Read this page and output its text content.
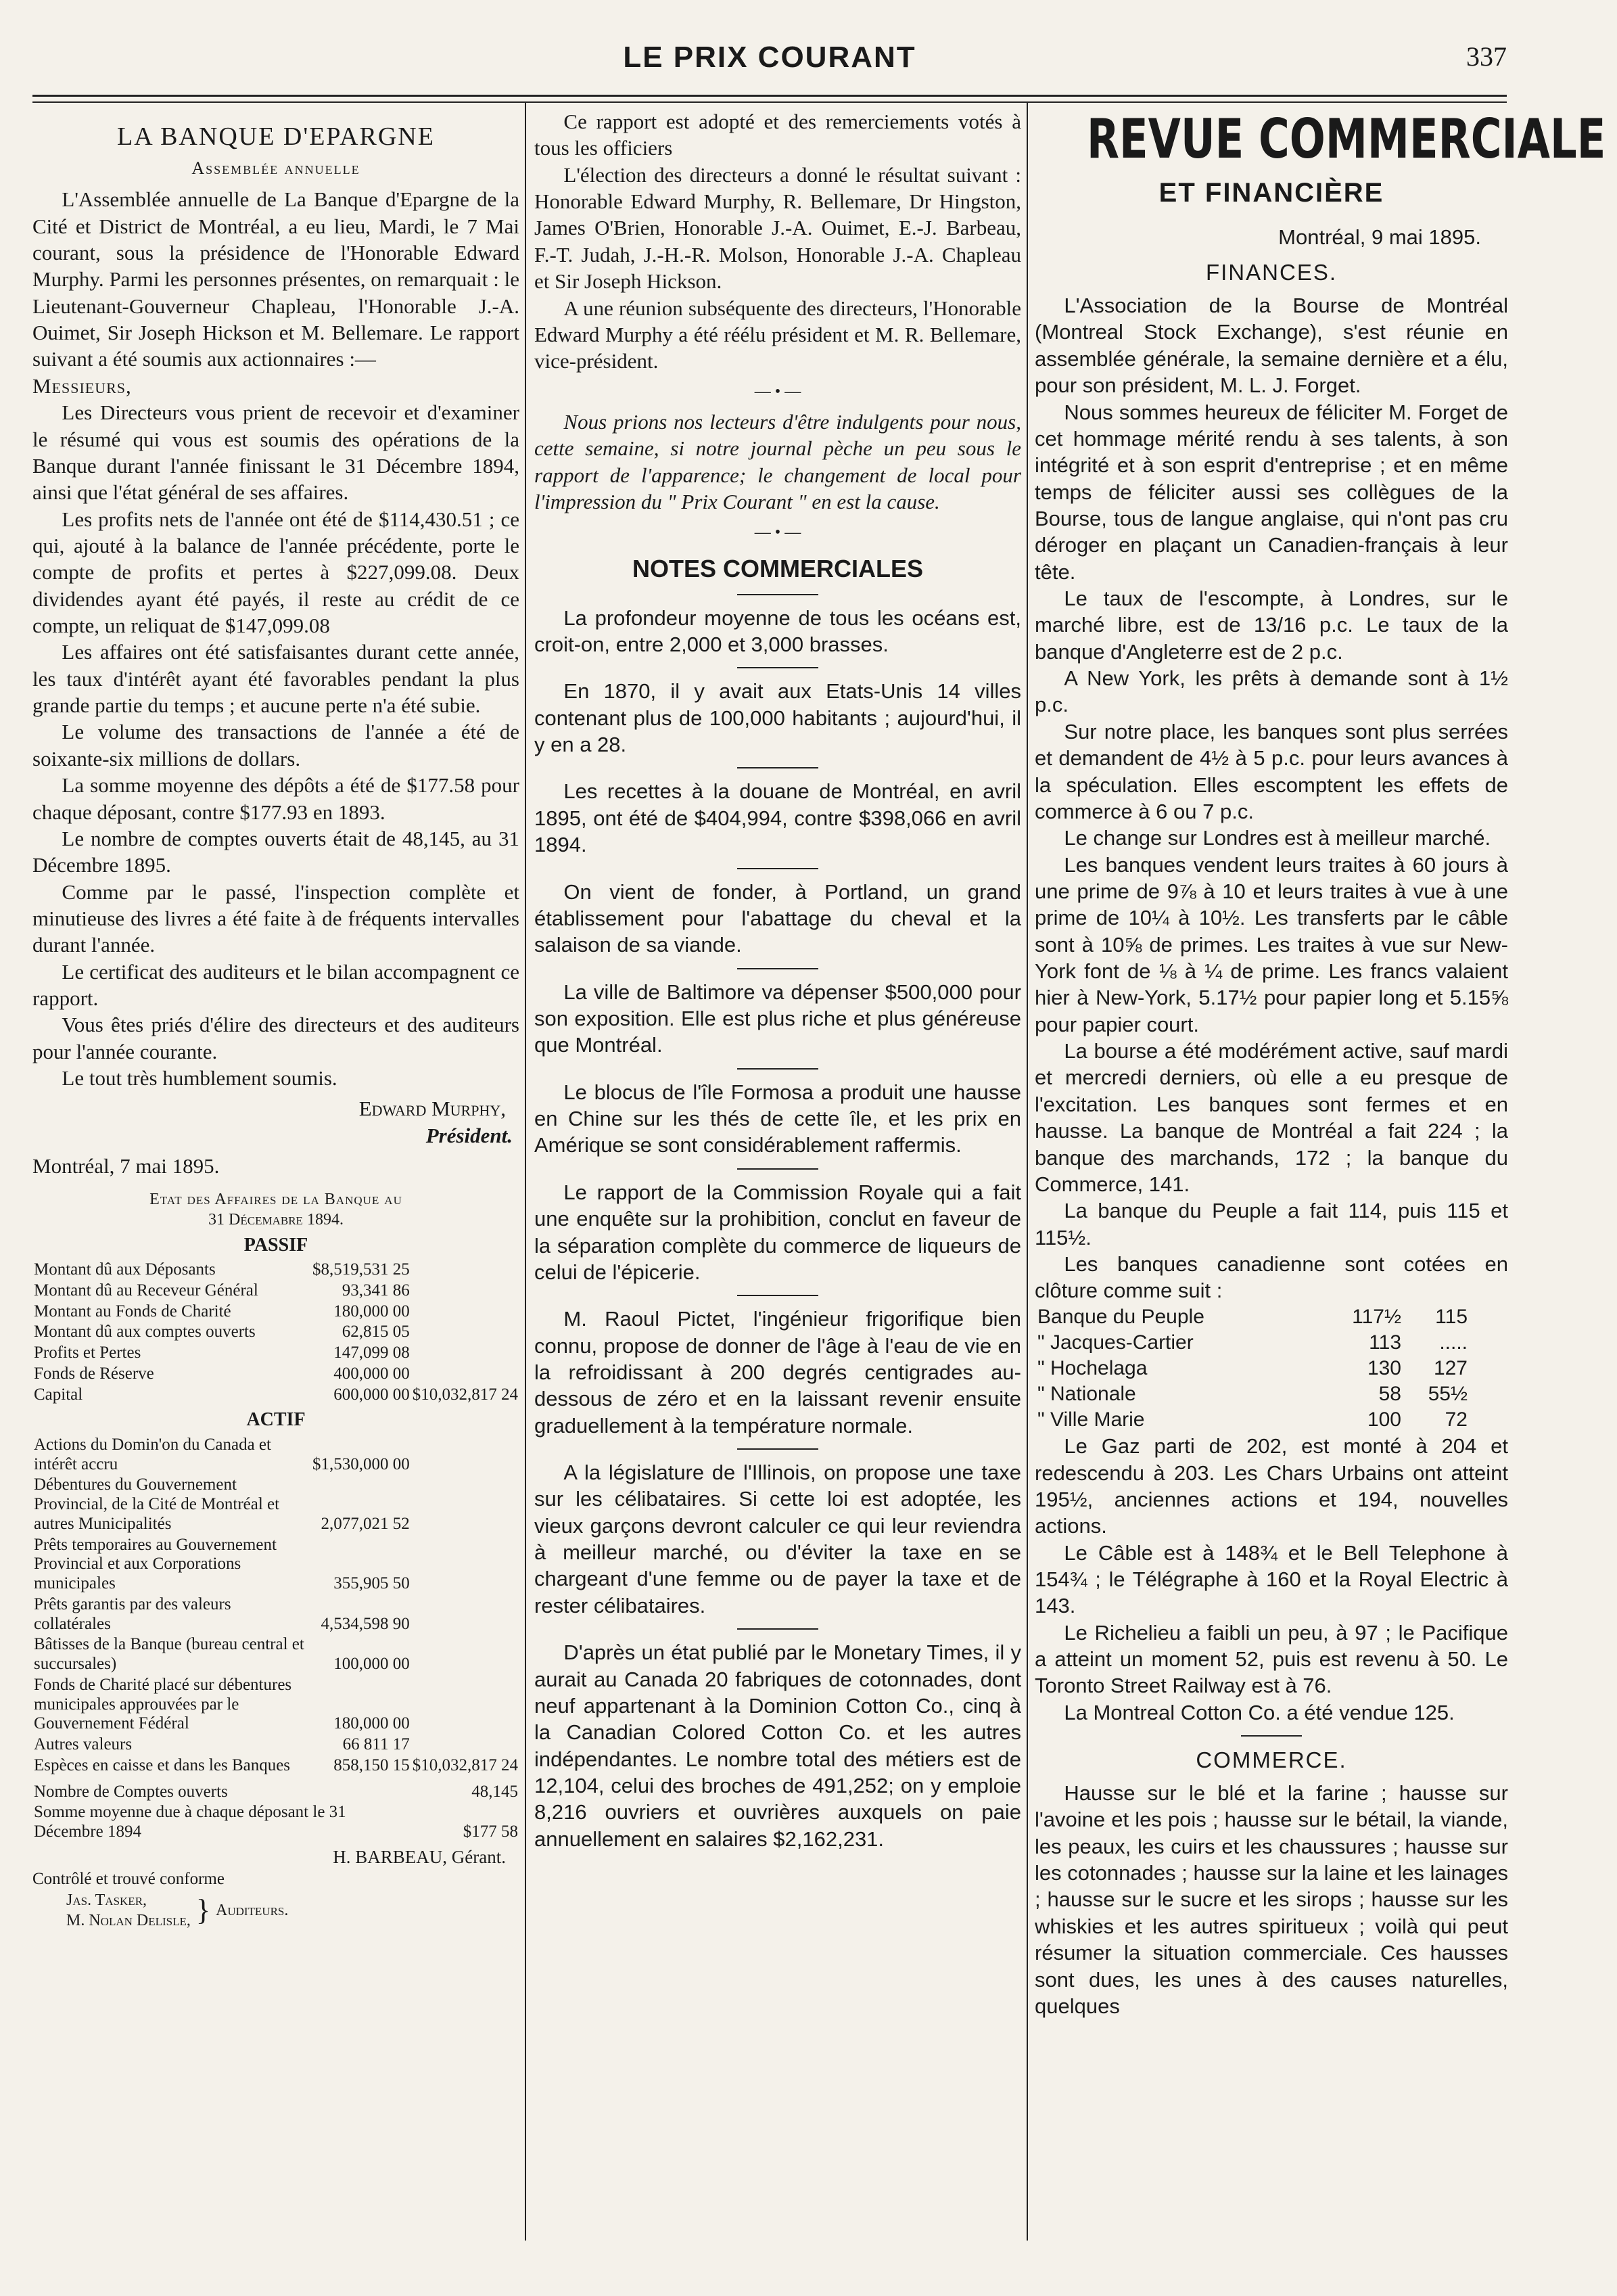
LE PRIX COURANT	337
LA BANQUE D'EPARGNE
Assemblée annuelle

L'Assemblée annuelle de La Banque d'Epargne de la Cité et District de Montréal, a eu lieu, Mardi, le 7 Mai courant, sous la présidence de l'Honorable Edward Murphy. Parmi les personnes présentes, on remarquait : le Lieutenant-Gouverneur Chapleau, l'Honorable J.-A. Ouimet, Sir Joseph Hickson et M. Bellemare. Le rapport suivant a été soumis aux actionnaires :—

Messieurs,

Les Directeurs vous prient de recevoir et d'examiner le résumé qui vous est soumis des opérations de la Banque durant l'année finissant le 31 Décembre 1894, ainsi que l'état général de ses affaires.

Les profits nets de l'année ont été de $114,430.51 ; ce qui, ajouté à la balance de l'année précédente, porte le compte de profits et pertes à $227,099.08. Deux dividendes ayant été payés, il reste au crédit de ce compte, un reliquat de $147,099.08

Les affaires ont été satisfaisantes durant cette année, les taux d'intérêt ayant été favorables pendant la plus grande partie du temps ; et aucune perte n'a été subie.

Le volume des transactions de l'année a été de soixante-six millions de dollars.

La somme moyenne des dépôts a été de $177.58 pour chaque déposant, contre $177.93 en 1893.

Le nombre de comptes ouverts était de 48,145, au 31 Décembre 1895.

Comme par le passé, l'inspection complète et minutieuse des livres a été faite à de fréquents intervalles durant l'année.

Le certificat des auditeurs et le bilan accompagnent ce rapport.

Vous êtes priés d'élire des directeurs et des auditeurs pour l'année courante.

Le tout très humblement soumis.

Edward Murphy,
Président.
Montréal, 7 mai 1895.
Etat des Affaires de la Banque au
31 Décemabre 1894.
PASSIF
Montant dû aux Déposants	$8,519,531 25	
Montant dû au Receveur Général	93,341 86	
Montant au Fonds de Charité	180,000 00	
Montant dû aux comptes ouverts	62,815 05	
Profits et Pertes	147,099 08	
Fonds de Réserve	400,000 00	
Capital	600,000 00	$10,032,817 24
ACTIF
Actions du Domin'on du Canada et intérêt accru	$1,530,000 00	
Débentures du Gouvernement Provincial, de la Cité de Montréal et autres Municipalités	2,077,021 52	
Prêts temporaires au Gouvernement Provincial et aux Corporations municipales	355,905 50	
Prêts garantis par des valeurs collatérales	4,534,598 90	
Bâtisses de la Banque (bureau central et succursales)	100,000 00	
Fonds de Charité placé sur débentures municipales approuvées par le Gouvernement Fédéral	180,000 00	
Autres valeurs	66 811 17	
Espèces en caisse et dans les Banques	858,150 15	$10,032,817 24
Nombre de Comptes ouverts	48,145
Somme moyenne due à chaque déposant le 31 Décembre 1894	$177 58
H. BARBEAU, Gérant.
Contrôlé et trouvé conforme
Jas. Tasker,
M. Nolan Delisle, } Auditeurs.

Ce rapport est adopté et des remerciements votés à tous les officiers

L'élection des directeurs a donné le résultat suivant : Honorable Edward Murphy, R. Bellemare, Dr Hingston, James O'Brien, Honorable J.-A. Ouimet, E.-J. Barbeau, F.-T. Judah, J.-H.-R. Molson, Honorable J.-A. Chapleau et Sir Joseph Hickson.

A une réunion subséquente des directeurs, l'Honorable Edward Murphy a été réélu président et M. R. Bellemare, vice-président.

— • —

Nous prions nos lecteurs d'être indulgents pour nous, cette semaine, si notre journal pèche un peu sous le rapport de l'apparence; le changement de local pour l'impression du " Prix Courant " en est la cause.

— • —
NOTES COMMERCIALES

La profondeur moyenne de tous les océans est, croit-on, entre 2,000 et 3,000 brasses.

En 1870, il y avait aux Etats-Unis 14 villes contenant plus de 100,000 habitants ; aujourd'hui, il y en a 28.

Les recettes à la douane de Montréal, en avril 1895, ont été de $404,994, contre $398,066 en avril 1894.

On vient de fonder, à Portland, un grand établissement pour l'abattage du cheval et la salaison de sa viande.

La ville de Baltimore va dépenser $500,000 pour son exposition. Elle est plus riche et plus généreuse que Montréal.

Le blocus de l'île Formosa a produit une hausse en Chine sur les thés de cette île, et les prix en Amérique se sont considérablement raffermis.

Le rapport de la Commission Royale qui a fait une enquête sur la prohibition, conclut en faveur de la séparation complète du commerce de liqueurs de celui de l'épicerie.

M. Raoul Pictet, l'ingénieur frigorifique bien connu, propose de donner de l'âge à l'eau de vie en la refroidissant à 200 degrés centigrades au-dessous de zéro et en la laissant revenir ensuite graduellement à la température normale.

A la législature de l'Illinois, on propose une taxe sur les célibataires. Si cette loi est adoptée, les vieux garçons devront calculer ce qui leur reviendra à meilleur marché, ou d'éviter la taxe en se chargeant d'une femme ou de payer la taxe et de rester célibataires.

D'après un état publié par le Monetary Times, il y aurait au Canada 20 fabriques de cotonnades, dont neuf appartenant à la Dominion Cotton Co., cinq à la Canadian Colored Cotton Co. et les autres indépendantes. Le nombre total des métiers est de 12,104, celui des broches de 491,252; on y emploie 8,216 ouvriers et ouvrières auxquels on paie annuellement en salaires $2,162,231.

REVUE COMMERCIALE
ET FINANCIÈRE
Montréal, 9 mai 1895.
FINANCES.

L'Association de la Bourse de Montréal (Montreal Stock Exchange), s'est réunie en assemblée générale, la semaine dernière et a élu, pour son président, M. L. J. Forget.

Nous sommes heureux de féliciter M. Forget de cet hommage mérité rendu à ses talents, à son intégrité et à son esprit d'entreprise ; et en même temps de féliciter aussi ses collègues de la Bourse, tous de langue anglaise, qui n'ont pas cru déroger en plaçant un Canadien-français à leur tête.

Le taux de l'escompte, à Londres, sur le marché libre, est de 13/16 p.c. Le taux de la banque d'Angleterre est de 2 p.c.

A New York, les prêts à demande sont à 1½ p.c.

Sur notre place, les banques sont plus serrées et demandent de 4½ à 5 p.c. pour leurs avances à la spéculation. Elles escomptent les effets de commerce à 6 ou 7 p.c.

Le change sur Londres est à meilleur marché.

Les banques vendent leurs traites à 60 jours à une prime de 9⅞ à 10 et leurs traites à vue à une prime de 10¼ à 10½. Les transferts par le câble sont à 10⅝ de primes. Les traites à vue sur New-York font de ⅛ à ¼ de prime. Les francs valaient hier à New-York, 5.17½ pour papier long et 5.15⅝ pour papier court.

La bourse a été modérément active, sauf mardi et mercredi derniers, où elle a eu presque de l'excitation. Les banques sont fermes et en hausse. La banque de Montréal a fait 224 ; la banque des marchands, 172 ; la banque du Commerce, 141.

La banque du Peuple a fait 114, puis 115 et 115½.

Les banques canadienne sont cotées en clôture comme suit :

Banque du Peuple	117½	115
" Jacques-Cartier	113	.....
" Hochelaga	130	127
" Nationale	58	55½
" Ville Marie	100	72

Le Gaz parti de 202, est monté à 204 et redescendu à 203. Les Chars Urbains ont atteint 195½, anciennes actions et 194, nouvelles actions.

Le Câble est à 148¾ et le Bell Telephone à 154¾ ; le Télégraphe à 160 et la Royal Electric à 143.

Le Richelieu a faibli un peu, à 97 ; le Pacifique a atteint un moment 52, puis est revenu à 50. Le Toronto Street Railway est à 76.

La Montreal Cotton Co. a été vendue 125.

COMMERCE.

Hausse sur le blé et la farine ; hausse sur l'avoine et les pois ; hausse sur le bétail, la viande, les peaux, les cuirs et les chaussures ; hausse sur les cotonnades ; hausse sur la laine et les lainages ; hausse sur le sucre et les sirops ; hausse sur les whiskies et les autres spiritueux ; voilà qui peut résumer la situation commerciale. Ces hausses sont dues, les unes à des causes naturelles, quelques
